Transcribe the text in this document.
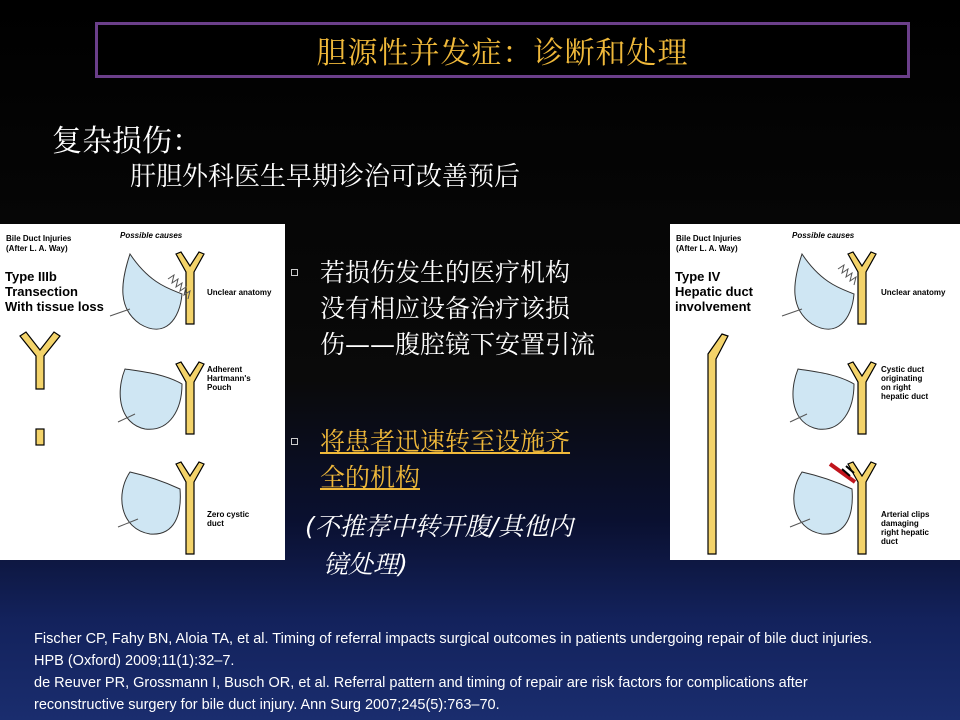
胆源性并发症：诊断和处理
复杂损伤：
肝胆外科医生早期诊治可改善预后
Bile Duct Injuries
(After L. A. Way)
Possible causes
Type IIIb
Transection
With tissue loss
Unclear anatomy
Adherent
Hartmann's
Pouch
Zero cystic
duct
Bile Duct Injuries
(After L. A. Way)
Possible causes
Type IV
Hepatic duct
involvement
Unclear anatomy
Cystic duct
originating
on right
hepatic duct
Arterial clips
damaging
right hepatic
duct
若损伤发生的医疗机构
没有相应设备治疗该损
伤——腹腔镜下安置引流
将患者迅速转至设施齐
全的机构
(不推荐中转开腹/其他内
镜处理)
Fischer CP, Fahy BN, Aloia TA, et al. Timing of referral impacts surgical outcomes in patients undergoing repair of bile duct injuries.
HPB (Oxford) 2009;11(1):32–7.
de Reuver PR, Grossmann I, Busch OR, et al. Referral pattern and timing of repair are risk factors for complications after
reconstructive surgery for bile duct injury. Ann Surg 2007;245(5):763–70.
